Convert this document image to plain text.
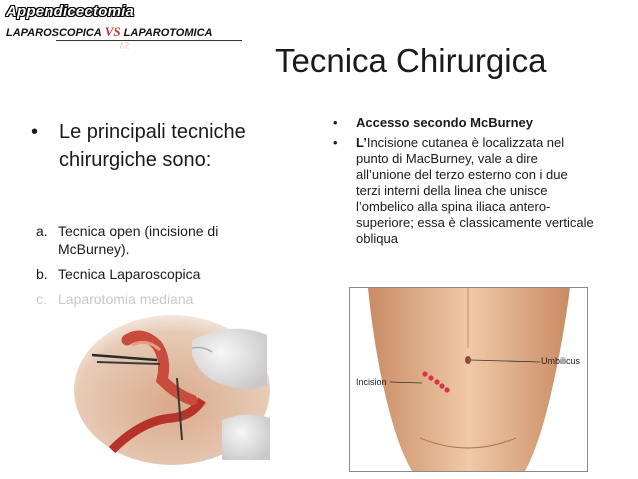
Appendicectomia
LAPAROSCOPICA VS LAPAROTOMICA
VS	Tecnica Chirurgica
• Le principali tecniche chirurgiche sono:
a. Tecnica open (incisione di McBurney).
b. Tecnica Laparoscopica
c. Laparotomia mediana
• Accesso secondo McBurney
• L’Incisione cutanea è localizzata nel punto di MacBurney, vale a dire all’unione del terzo esterno con i due terzi interni della linea che unisce l’ombelico alla spina iliaca antero-superiore; essa è classicamente verticale obliqua
Incision
Umbilicus
